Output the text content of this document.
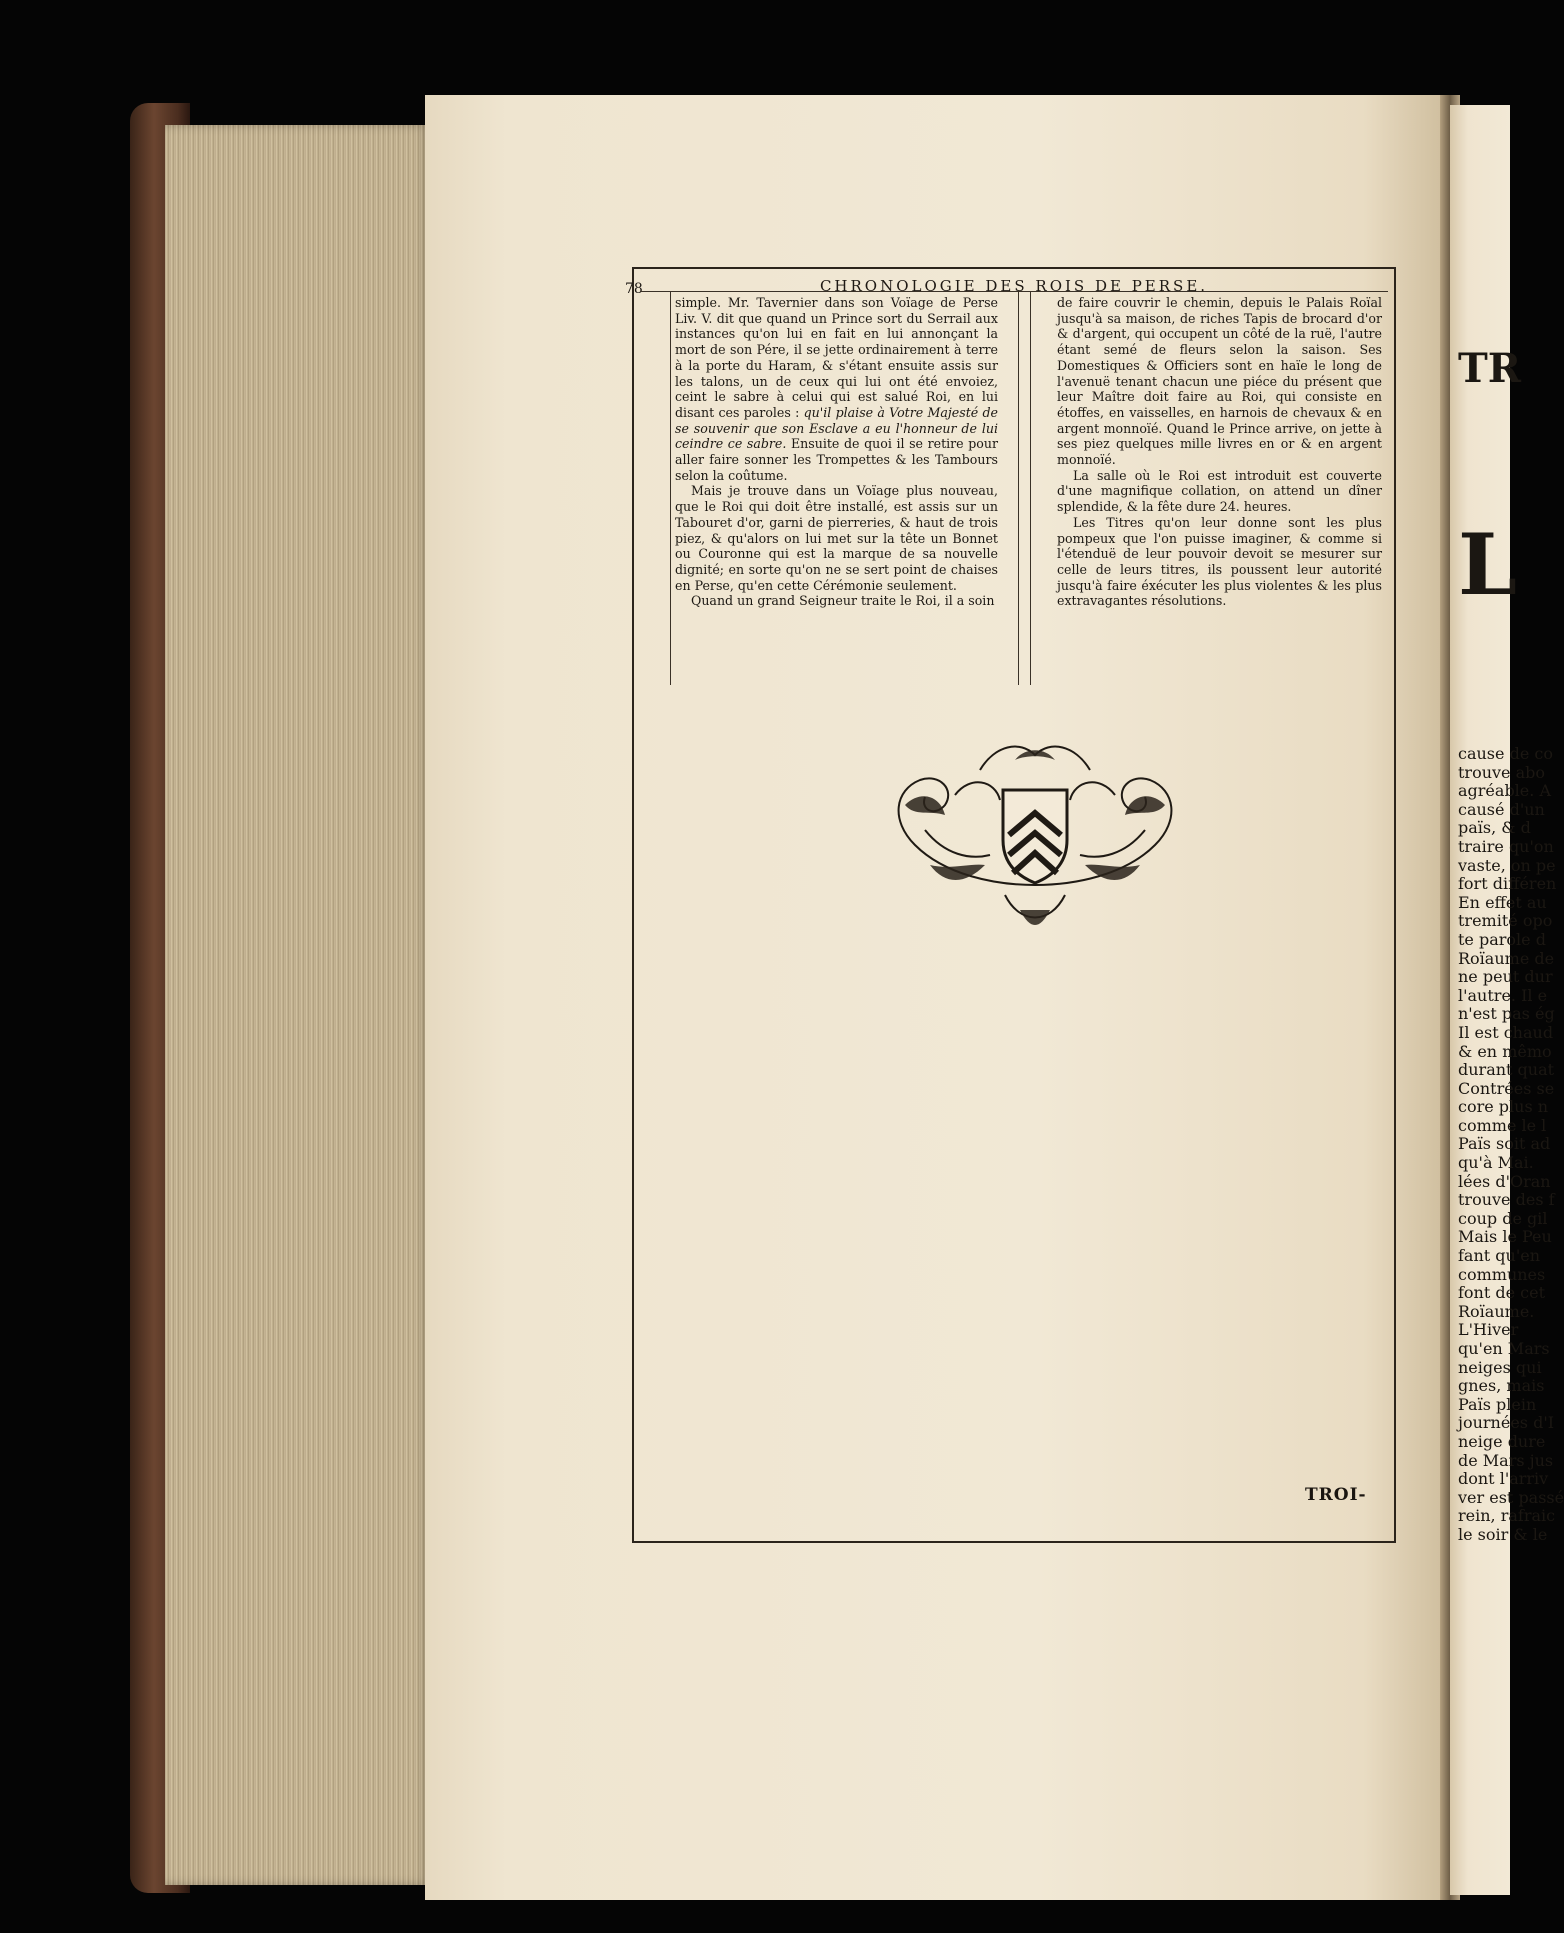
78	CHRONOLOGIE DES ROIS DE PERSE.

simple. Mr. Tavernier dans son Voïage de Perse Liv. V. dit que quand un Prince sort du Serrail aux instances qu'on lui en fait en lui annonçant la mort de son Pére, il se jette ordinairement à terre à la porte du Haram, & s'étant ensuite assis sur les talons, un de ceux qui lui ont été envoiez, ceint le sabre à celui qui est salué Roi, en lui disant ces paroles : qu'il plaise à Votre Majesté de se souvenir que son Esclave a eu l'honneur de lui ceindre ce sabre. Ensuite de quoi il se retire pour aller faire sonner les Trompettes & les Tambours selon la coûtume.

Mais je trouve dans un Voïage plus nouveau, que le Roi qui doit être installé, est assis sur un Tabouret d'or, garni de pierreries, & haut de trois piez, & qu'alors on lui met sur la tête un Bonnet ou Couronne qui est la marque de sa nouvelle dignité; en sorte qu'on ne se sert point de chaises en Perse, qu'en cette Cérémonie seulement.

Quand un grand Seigneur traite le Roi, il a soin

de faire couvrir le chemin, depuis le Palais Roïal jusqu'à sa maison, de riches Tapis de brocard d'or & d'argent, qui occupent un côté de la ruë, l'autre étant semé de fleurs selon la saison. Ses Domestiques & Officiers sont en haïe le long de l'avenuë tenant chacun une piéce du présent que leur Maître doit faire au Roi, qui consiste en étoffes, en vaisselles, en harnois de chevaux & en argent monnoïé. Quand le Prince arrive, on jette à ses piez quelques mille livres en or & en argent monnoïé.

La salle où le Roi est introduit est couverte d'une magnifique collation, on attend un dîner splendide, & la fête dure 24. heures.

Les Titres qu'on leur donne sont les plus pompeux que l'on puisse imaginer, & comme si l'étenduë de leur pouvoir devoit se mesurer sur celle de leurs titres, ils poussent leur autorité jusqu'à faire éxécuter les plus violentes & les plus extravagantes résolutions.

TROI-
TR
L
cause de co
trouve abo
agréable. A
causé d'un
païs, & d
traire qu'on
vaste, on pe
fort différen
En effet au
tremité opo
te parole d
Roïaume de
ne peut dur
l'autre. Il e
n'est pas ég
Il est chaud
& en mêmo
durant quat
Contrées se
core plus n
comme le l
Païs soit ad
qu'à Mai.
lées d'Oran
trouve des f
coup de gil
Mais le Peu
fant qu'en
communes
font de cet
Roïaume.
L'Hiver
qu'en Mars
neiges qui
gnes, mais
Païs plein
journées d'I
neige dure
de Mars jus
dont l'arriv
ver est passé
rein, rafraic
le soir & le
